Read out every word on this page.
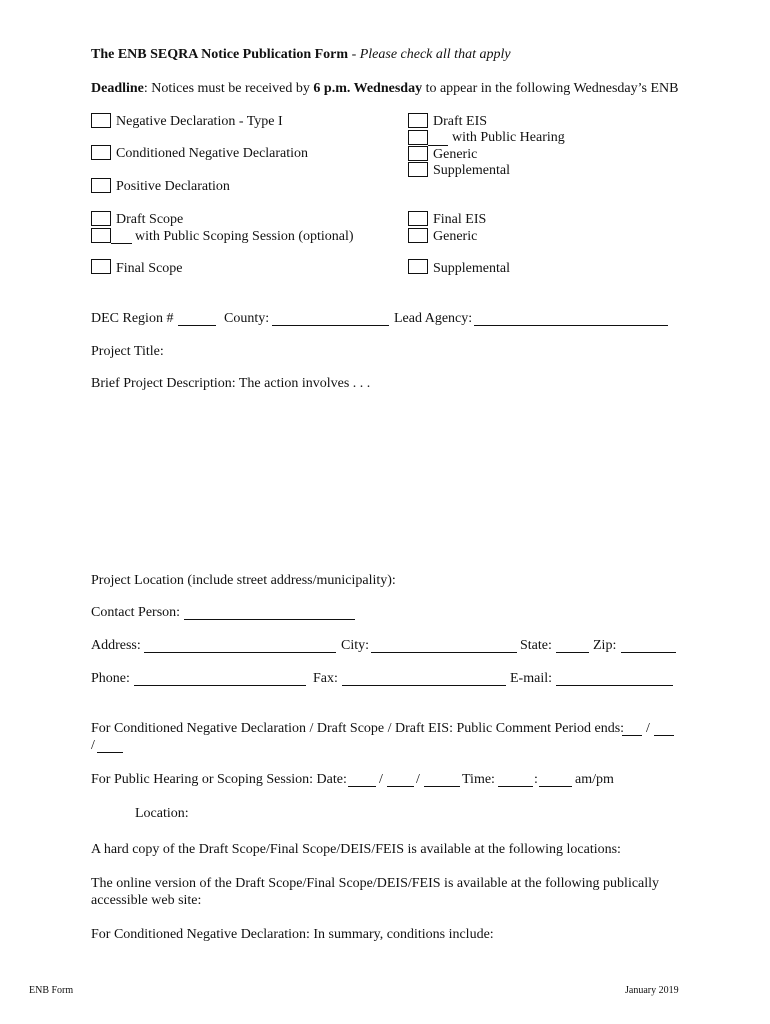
The ENB SEQRA Notice Publication Form - Please check all that apply
Deadline: Notices must be received by 6 p.m. Wednesday to appear in the following Wednesday’s ENB
Negative Declaration - Type I
Conditioned Negative Declaration
Positive Declaration
Draft Scope
with Public Scoping Session (optional)
Final Scope
Draft EIS
with Public Hearing
Generic
Supplemental
Final EIS
Generic
Supplemental
DEC Region #	County:	Lead Agency:
Project Title:
Brief Project Description: The action involves . . .
Project Location (include street address/municipality):
Contact Person:
Address:	City:	State:	Zip:
Phone:	Fax:	E-mail:
For Conditioned Negative Declaration / Draft Scope / Draft EIS: Public Comment Period ends: /
/
For Public Hearing or Scoping Session: Date: / /	Time:	:	am/pm
Location:
A hard copy of the Draft Scope/Final Scope/DEIS/FEIS is available at the following locations:
The online version of the Draft Scope/Final Scope/DEIS/FEIS is available at the following publically accessible web site:
For Conditioned Negative Declaration: In summary, conditions include:
ENB Form	January 2019
